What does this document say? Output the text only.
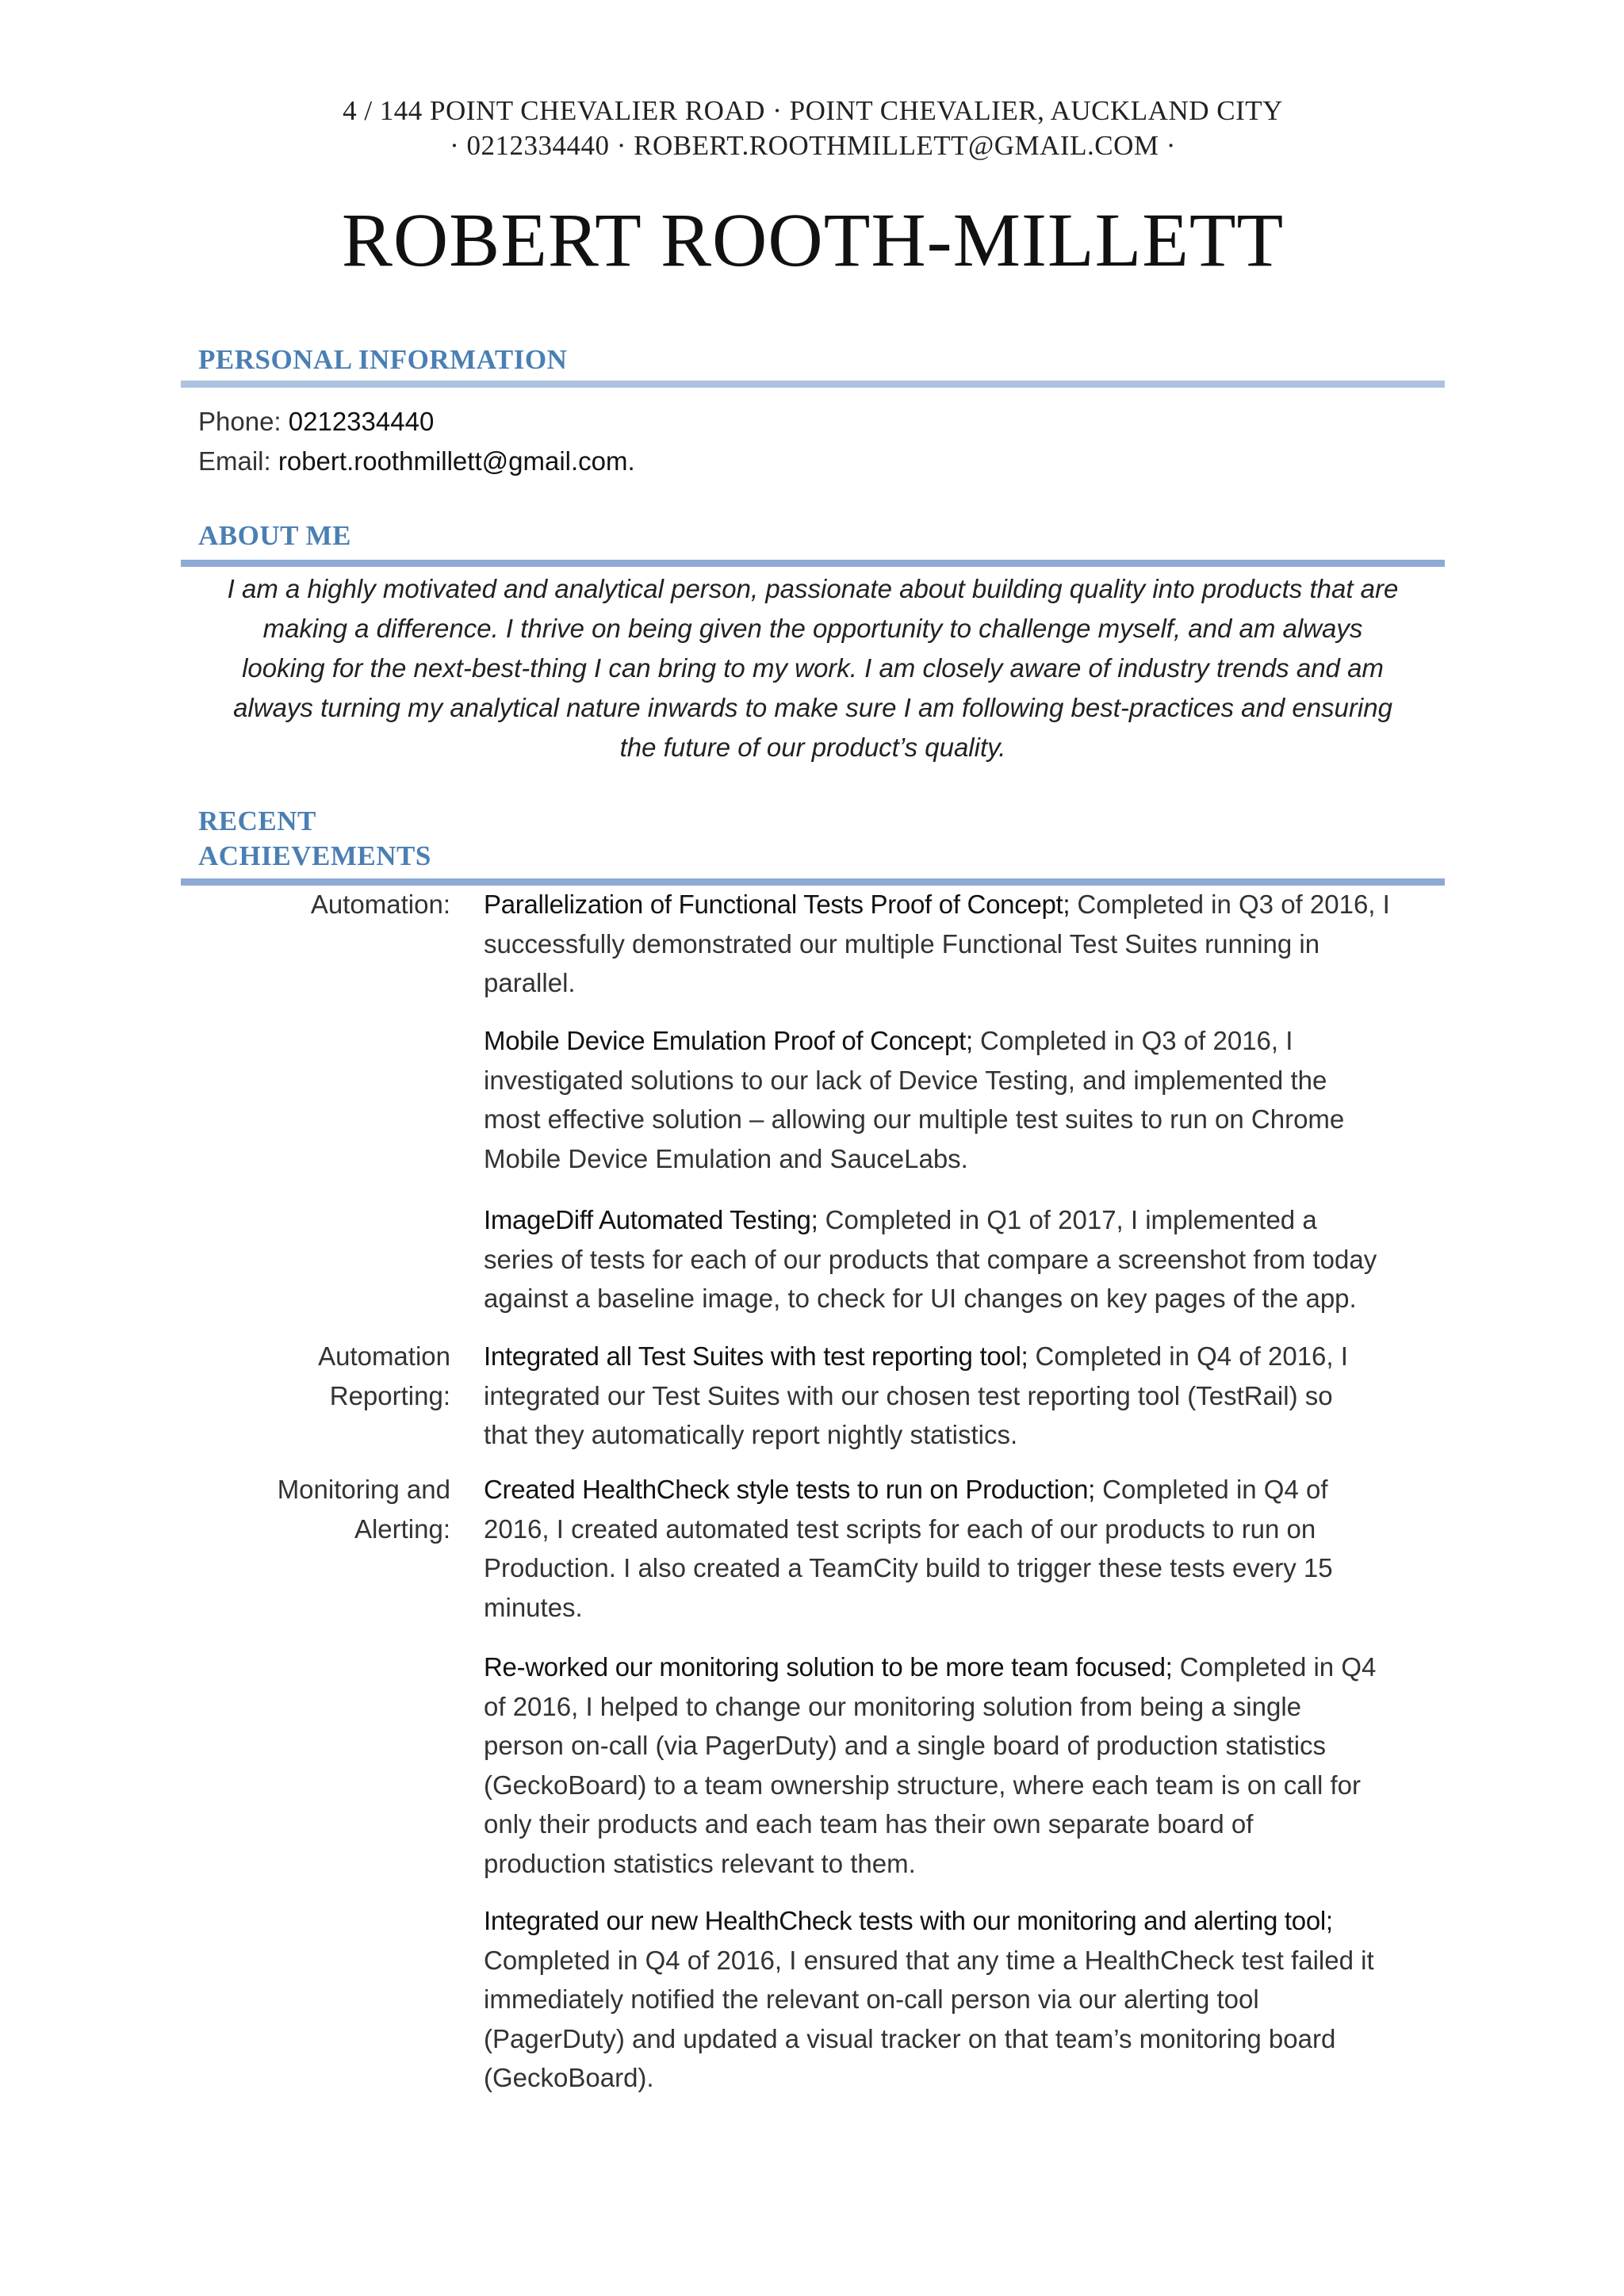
4 / 144 POINT CHEVALIER ROAD · POINT CHEVALIER, AUCKLAND CITY
· 0212334440 · ROBERT.ROOTHMILLETT@GMAIL.COM ·
ROBERT ROOTH-MILLETT
PERSONAL INFORMATION
Phone: 0212334440
Email: robert.roothmillett@gmail.com.
ABOUT ME

I am a highly motivated and analytical person, passionate about building quality into products that are

making a difference. I thrive on being given the opportunity to challenge myself, and am always

looking for the next-best-thing I can bring to my work. I am closely aware of industry trends and am

always turning my analytical nature inwards to make sure I am following best-practices and ensuring

the future of our product’s quality.

RECENT
ACHIEVEMENTS
Automation: Parallelization of Functional Tests Proof of Concept; Completed in Q3 of 2016, I
successfully demonstrated our multiple Functional Test Suites running in
parallel.
Mobile Device Emulation Proof of Concept; Completed in Q3 of 2016, I
investigated solutions to our lack of Device Testing, and implemented the
most effective solution – allowing our multiple test suites to run on Chrome
Mobile Device Emulation and SauceLabs.
ImageDiff Automated Testing; Completed in Q1 of 2017, I implemented a
series of tests for each of our products that compare a screenshot from today
against a baseline image, to check for UI changes on key pages of the app.
Automation
Reporting:
Integrated all Test Suites with test reporting tool; Completed in Q4 of 2016, I
integrated our Test Suites with our chosen test reporting tool (TestRail) so
that they automatically report nightly statistics.
Monitoring and
Alerting:
Created HealthCheck style tests to run on Production; Completed in Q4 of
2016, I created automated test scripts for each of our products to run on
Production. I also created a TeamCity build to trigger these tests every 15
minutes.
Re-worked our monitoring solution to be more team focused; Completed in Q4
of 2016, I helped to change our monitoring solution from being a single
person on-call (via PagerDuty) and a single board of production statistics
(GeckoBoard) to a team ownership structure, where each team is on call for
only their products and each team has their own separate board of
production statistics relevant to them.
Integrated our new HealthCheck tests with our monitoring and alerting tool;
Completed in Q4 of 2016, I ensured that any time a HealthCheck test failed it
immediately notified the relevant on-call person via our alerting tool
(PagerDuty) and updated a visual tracker on that team’s monitoring board
(GeckoBoard).
